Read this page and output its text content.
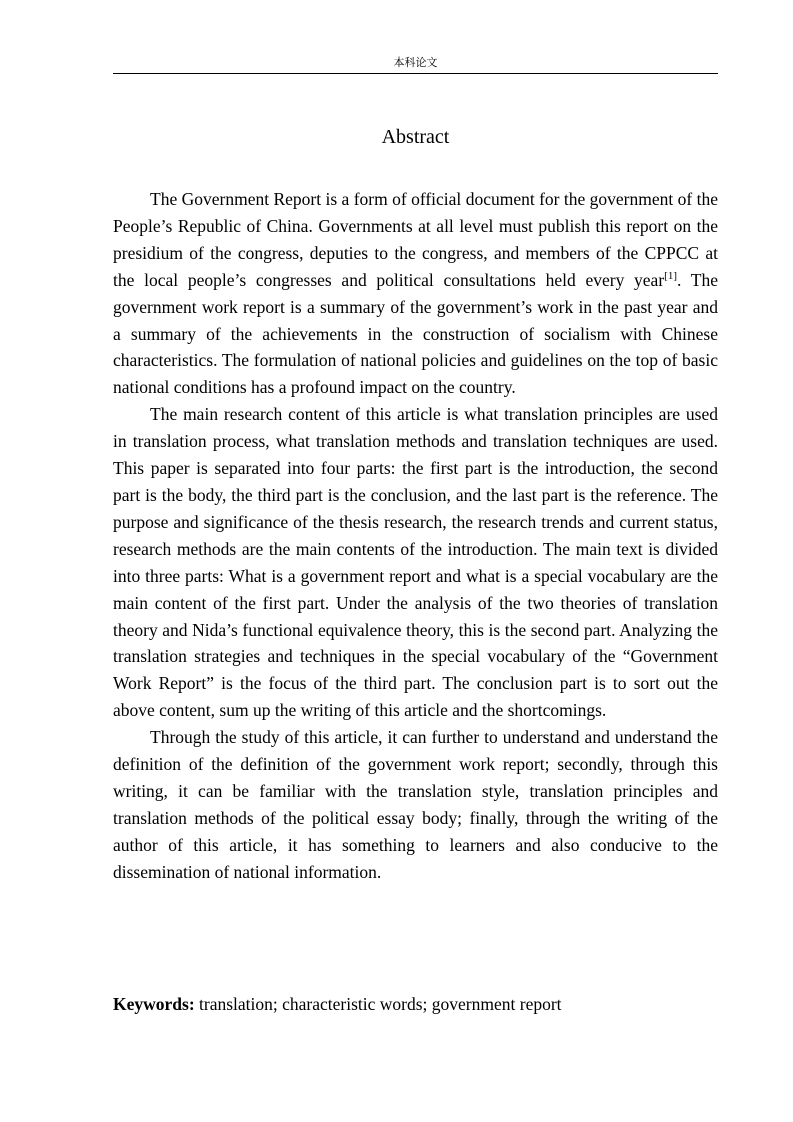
本科论文
Abstract

The Government Report is a form of official document for the government of the People’s Republic of China. Governments at all level must publish this report on the presidium of the congress, deputies to the congress, and members of the CPPCC at the local people’s congresses and political consultations held every year[1]. The government work report is a summary of the government’s work in the past year and a summary of the achievements in the construction of socialism with Chinese characteristics. The formulation of national policies and guidelines on the top of basic national conditions has a profound impact on the country.

The main research content of this article is what translation principles are used in translation process, what translation methods and translation techniques are used. This paper is separated into four parts: the first part is the introduction, the second part is the body, the third part is the conclusion, and the last part is the reference. The purpose and significance of the thesis research, the research trends and current status, research methods are the main contents of the introduction. The main text is divided into three parts: What is a government report and what is a special vocabulary are the main content of the first part. Under the analysis of the two theories of translation theory and Nida’s functional equivalence theory, this is the second part. Analyzing the translation strategies and techniques in the special vocabulary of the “Government Work Report” is the focus of the third part. The conclusion part is to sort out the above content, sum up the writing of this article and the shortcomings.

Through the study of this article, it can further to understand and understand the definition of the definition of the government work report; secondly, through this writing, it can be familiar with the translation style, translation principles and translation methods of the political essay body; finally, through the writing of the author of this article, it has something to learners and also conducive to the dissemination of national information.

Keywords: translation; characteristic words; government report
